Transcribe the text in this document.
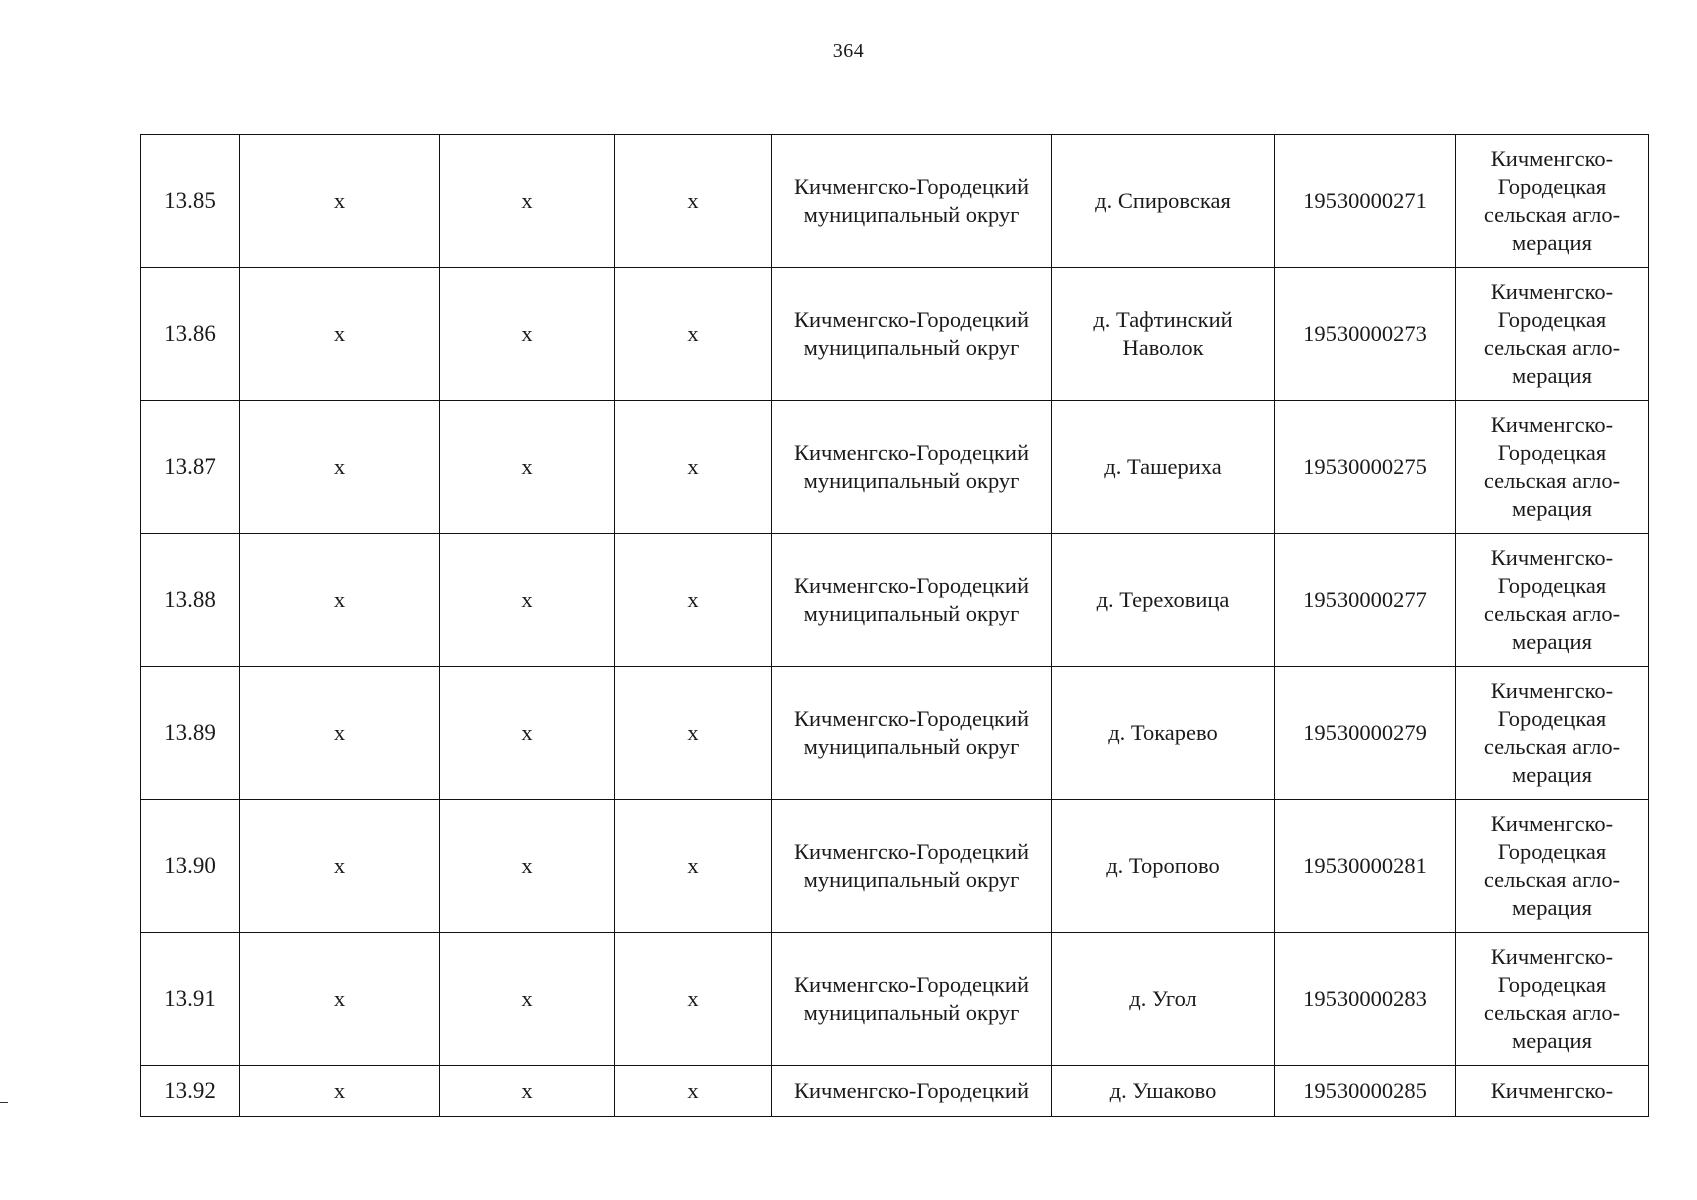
364
13.85	х	х	х	Кичменгско-Городецкий муниципальный округ	д. Спировская	19530000271	Кичменгско-Городецкая сельская агло-мерация
13.86	х	х	х	Кичменгско-Городецкий муниципальный округ	д. Тафтинский Наволок	19530000273	Кичменгско-Городецкая сельская агло-мерация
13.87	х	х	х	Кичменгско-Городецкий муниципальный округ	д. Ташериха	19530000275	Кичменгско-Городецкая сельская агло-мерация
13.88	х	х	х	Кичменгско-Городецкий муниципальный округ	д. Тереховица	19530000277	Кичменгско-Городецкая сельская агло-мерация
13.89	х	х	х	Кичменгско-Городецкий муниципальный округ	д. Токарево	19530000279	Кичменгско-Городецкая сельская агло-мерация
13.90	х	х	х	Кичменгско-Городецкий муниципальный округ	д. Торопово	19530000281	Кичменгско-Городецкая сельская агло-мерация
13.91	х	х	х	Кичменгско-Городецкий муниципальный округ	д. Угол	19530000283	Кичменгско-Городецкая сельская агло-мерация
13.92	х	х	х	Кичменгско-Городецкий	д. Ушаково	19530000285	Кичменгско-
